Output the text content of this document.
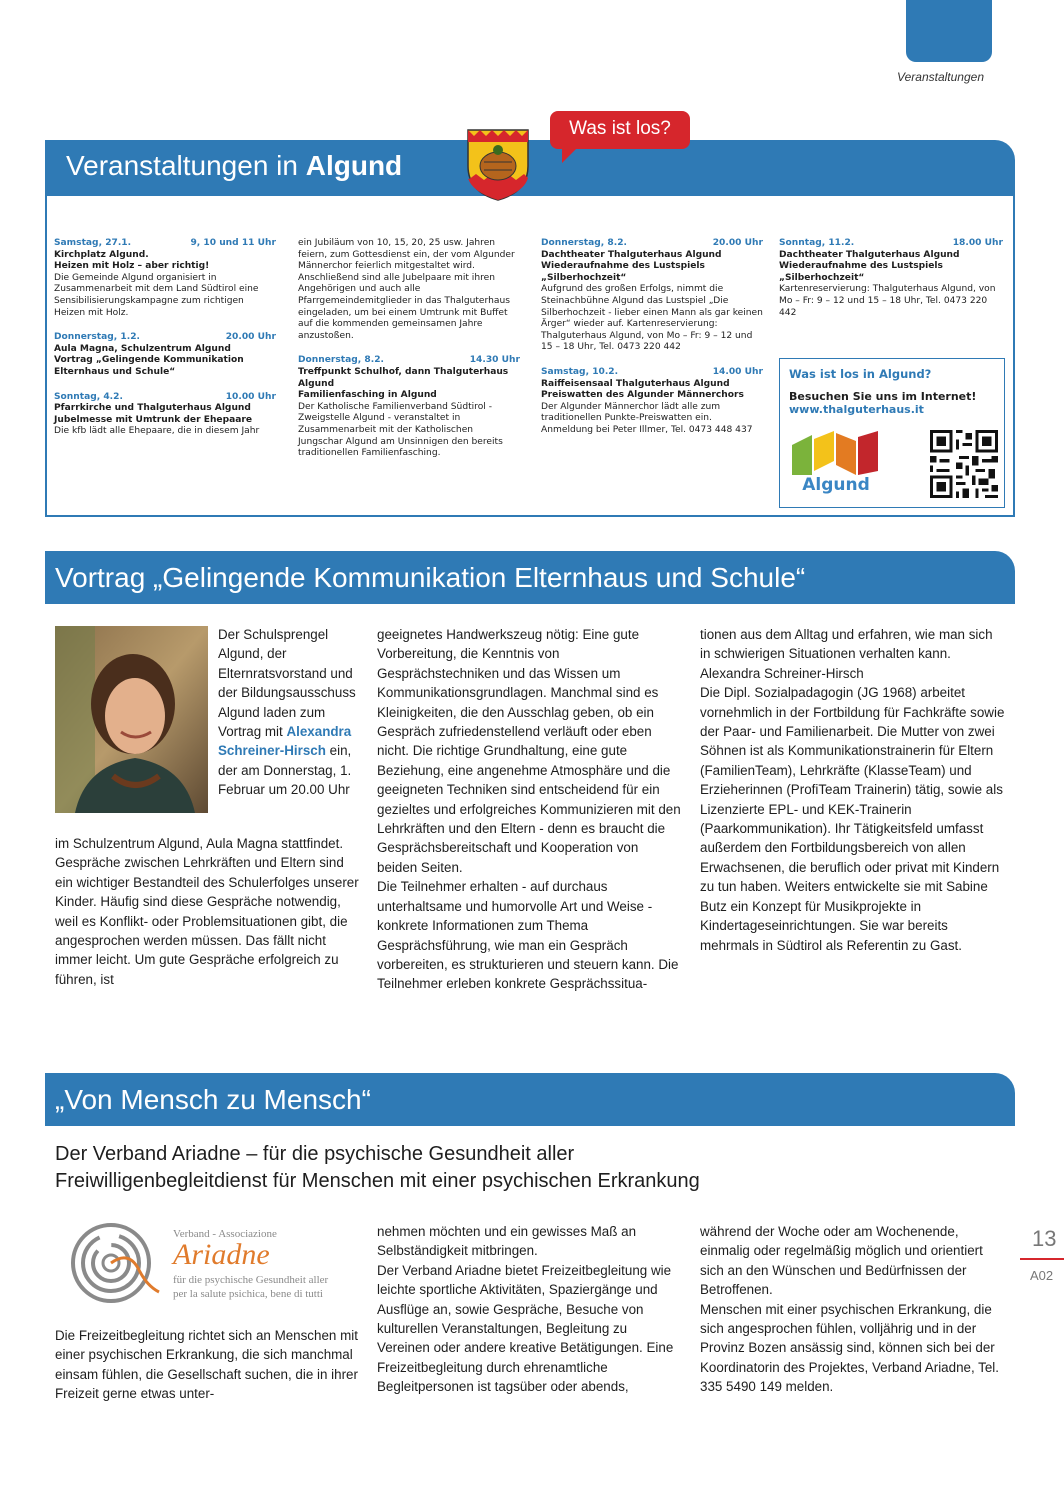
Veranstaltungen
Veranstaltungen in Algund
Was ist los?
Samstag, 27.1.	9, 10 und 11 Uhr
Kirchplatz Algund.
Heizen mit Holz – aber richtig!
Die Gemeinde Algund organisiert in Zusammenarbeit mit dem Land Südtirol eine Sensibilisierungskampagne zum richtigen Heizen mit Holz.
Donnerstag, 1.2.	20.00 Uhr
Aula Magna, Schulzentrum Algund
Vortrag „Gelingende Kommunikation Elternhaus und Schule“
Sonntag, 4.2.	10.00 Uhr
Pfarrkirche und Thalguterhaus Algund
Jubelmesse mit Umtrunk der Ehepaare
Die kfb lädt alle Ehepaare, die in diesem Jahr
ein Jubiläum von 10, 15, 20, 25 usw. Jahren feiern, zum Gottesdienst ein, der vom Algunder Männerchor feierlich mitgestaltet wird. Anschließend sind alle Jubelpaare mit ihren Angehörigen und auch alle Pfarrgemeindemitglieder in das Thalguterhaus eingeladen, um bei einem Umtrunk mit Buffet auf die kommenden gemeinsamen Jahre anzustoßen.
Donnerstag, 8.2.	14.30 Uhr
Treffpunkt Schulhof, dann Thalguterhaus Algund
Familienfasching in Algund
Der Katholische Familienverband Südtirol - Zweigstelle Algund - veranstaltet in Zusammenarbeit mit der Katholischen Jungschar Algund am Unsinnigen den bereits traditionellen Familienfasching.
Donnerstag, 8.2.	20.00 Uhr
Dachtheater Thalguterhaus Algund
Wiederaufnahme des Lustspiels „Silberhochzeit“
Aufgrund des großen Erfolgs, nimmt die Steinachbühne Algund das Lustspiel „Die Silberhochzeit - lieber einen Mann als gar keinen Ärger“ wieder auf. Kartenreservierung: Thalguterhaus Algund, von Mo – Fr: 9 – 12 und 15 – 18 Uhr, Tel. 0473 220 442
Samstag, 10.2.	14.00 Uhr
Raiffeisensaal Thalguterhaus Algund
Preiswatten des Algunder Männerchors
Der Algunder Männerchor lädt alle zum traditionellen Punkte-Preiswatten ein. Anmeldung bei Peter Illmer, Tel. 0473 448 437
Sonntag, 11.2.	18.00 Uhr
Dachtheater Thalguterhaus Algund
Wiederaufnahme des Lustspiels „Silberhochzeit“
Kartenreservierung: Thalguterhaus Algund, von Mo – Fr: 9 – 12 und 15 – 18 Uhr, Tel. 0473 220 442
Was ist los in Algund?
Besuchen Sie uns im Internet!
www.thalguterhaus.it
Algund
Vortrag „Gelingende Kommunikation Elternhaus und Schule“
Der Schulsprengel Algund, der Elternratsvorstand und der Bildungsausschuss Algund laden zum Vortrag mit Alexandra Schreiner-Hirsch ein, der am Donnerstag, 1. Februar um 20.00 Uhr
im Schulzentrum Algund, Aula Magna stattfindet.
Gespräche zwischen Lehrkräften und Eltern sind ein wichtiger Bestandteil des Schulerfolges unserer Kinder. Häufig sind diese Gespräche notwendig, weil es Konflikt- oder Problemsituationen gibt, die angesprochen werden müssen. Das fällt nicht immer leicht. Um gute Gespräche erfolgreich zu führen, ist
geeignetes Handwerkszeug nötig: Eine gute Vorbereitung, die Kenntnis von Gesprächstechniken und das Wissen um Kommunikationsgrundlagen. Manchmal sind es Kleinigkeiten, die den Ausschlag geben, ob ein Gespräch zufriedenstellend verläuft oder eben nicht. Die richtige Grundhaltung, eine gute Beziehung, eine angenehme Atmosphäre und die geeigneten Techniken sind entscheidend für ein gezieltes und erfolgreiches Kommunizieren mit den Lehrkräften und den Eltern - denn es braucht die Gesprächsbereitschaft und Kooperation von beiden Seiten.
Die Teilnehmer erhalten - auf durchaus unterhaltsame und humorvolle Art und Weise - konkrete Informationen zum Thema Gesprächsführung, wie man ein Gespräch vorbereiten, es strukturieren und steuern kann. Die Teilnehmer erleben konkrete Gesprächssitua-
tionen aus dem Alltag und erfahren, wie man sich in schwierigen Situationen verhalten kann.
Alexandra Schreiner-Hirsch
Die Dipl. Sozialpadagogin (JG 1968) arbeitet vornehmlich in der Fortbildung für Fachkräfte sowie der Paar- und Familienarbeit. Die Mutter von zwei Söhnen ist als Kommunikationstrainerin für Eltern (FamilienTeam), Lehrkräfte (KlasseTeam) und Erzieherinnen (ProfiTeam Trainerin) tätig, sowie als Lizenzierte EPL- und KEK-Trainerin (Paarkommunikation). Ihr Tätigkeitsfeld umfasst außerdem den Fortbildungsbereich von allen Erwachsenen, die beruflich oder privat mit Kindern zu tun haben. Weiters entwickelte sie mit Sabine Butz ein Konzept für Musikprojekte in Kindertageseinrichtungen. Sie war bereits mehrmals in Südtirol als Referentin zu Gast.
„Von Mensch zu Mensch“
Der Verband Ariadne – für die psychische Gesundheit aller
Freiwilligenbegleitdienst für Menschen mit einer psychischen Erkrankung
Verband - Associazione
Ariadne
für die psychische Gesundheit aller
per la salute psichica, bene di tutti
Die Freizeitbegleitung richtet sich an Menschen mit einer psychischen Erkrankung, die sich manchmal einsam fühlen, die Gesellschaft suchen, die in ihrer Freizeit gerne etwas unter-
nehmen möchten und ein gewisses Maß an Selbständigkeit mitbringen.
Der Verband Ariadne bietet Freizeitbegleitung wie leichte sportliche Aktivitäten, Spaziergänge und Ausflüge an, sowie Gespräche, Besuche von kulturellen Veranstaltungen, Begleitung zu Vereinen oder andere kreative Betätigungen. Eine Freizeitbegleitung durch ehrenamtliche Begleitpersonen ist tagsüber oder abends,
während der Woche oder am Wochenende, einmalig oder regelmäßig möglich und orientiert sich an den Wünschen und Bedürfnissen der Betroffenen.
Menschen mit einer psychischen Erkrankung, die sich angesprochen fühlen, volljährig und in der Provinz Bozen ansässig sind, können sich bei der Koordinatorin des Projektes, Verband Ariadne, Tel. 335 5490 149 melden.
13
A02
